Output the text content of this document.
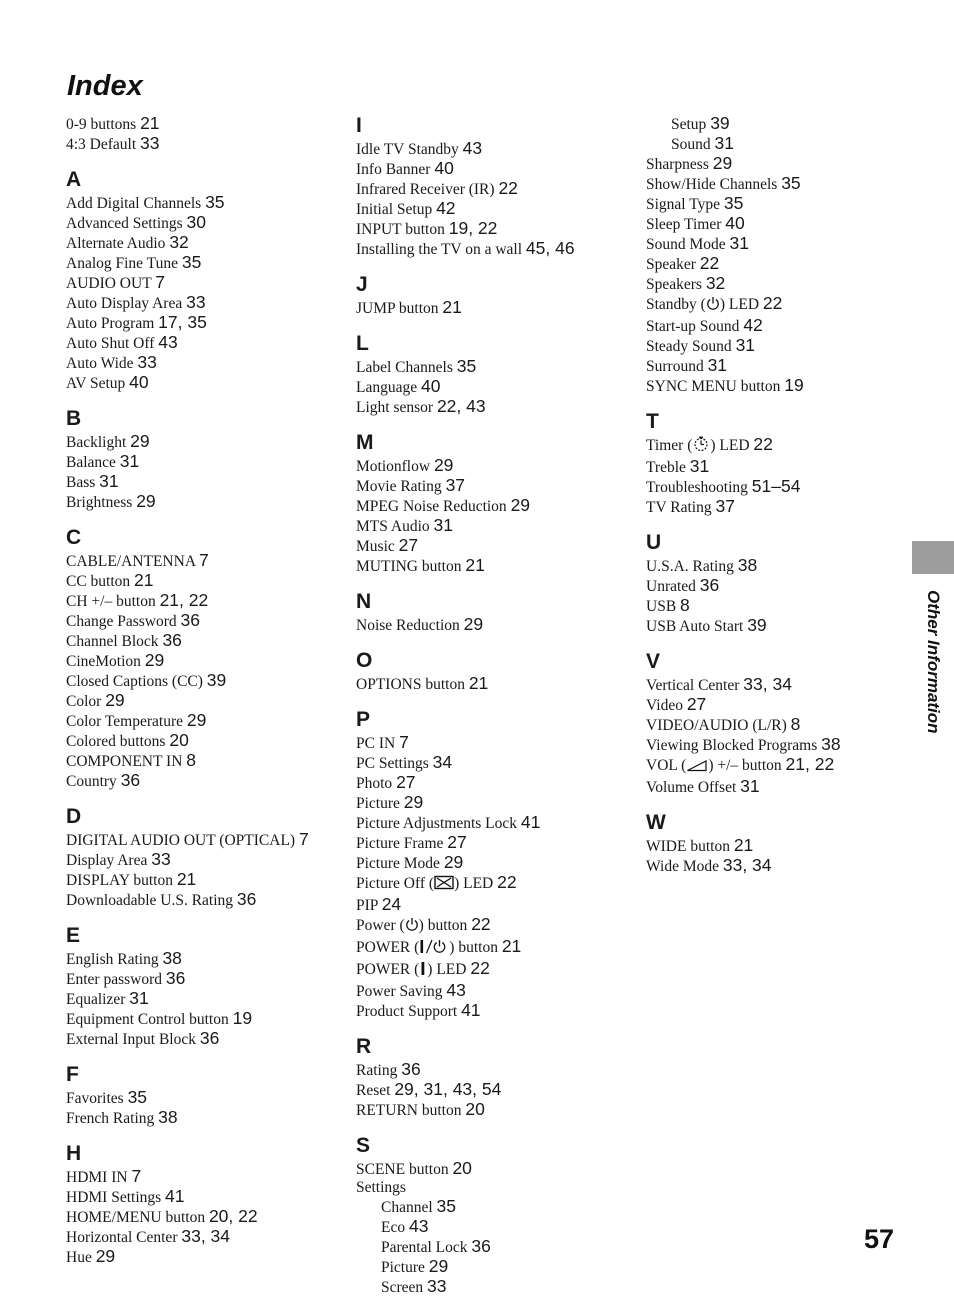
Index
0-9 buttons 21
4:3 Default 33
A
Add Digital Channels 35
Advanced Settings 30
Alternate Audio 32
Analog Fine Tune 35
AUDIO OUT 7
Auto Display Area 33
Auto Program 17, 35
Auto Shut Off 43
Auto Wide 33
AV Setup 40
B
Backlight 29
Balance 31
Bass 31
Brightness 29
C
CABLE/ANTENNA 7
CC button 21
CH +/– button 21, 22
Change Password 36
Channel Block 36
CineMotion 29
Closed Captions (CC) 39
Color 29
Color Temperature 29
Colored buttons 20
COMPONENT IN 8
Country 36
D
DIGITAL AUDIO OUT (OPTICAL) 7
Display Area 33
DISPLAY button 21
Downloadable U.S. Rating 36
E
English Rating 38
Enter password 36
Equalizer 31
Equipment Control button 19
External Input Block 36
F
Favorites 35
French Rating 38
H
HDMI IN 7
HDMI Settings 41
HOME/MENU button 20, 22
Horizontal Center 33, 34
Hue 29
I
Idle TV Standby 43
Info Banner 40
Infrared Receiver (IR) 22
Initial Setup 42
INPUT button 19, 22
Installing the TV on a wall 45, 46
J
JUMP button 21
L
Label Channels 35
Language 40
Light sensor 22, 43
M
Motionflow 29
Movie Rating 37
MPEG Noise Reduction 29
MTS Audio 31
Music 27
MUTING button 21
N
Noise Reduction 29
O
OPTIONS button 21
P
PC IN 7
PC Settings 34
Photo 27
Picture 29
Picture Adjustments Lock 41
Picture Frame 27
Picture Mode 29
Picture Off ( ) LED 22
PIP 24
Power ( ) button 22
POWER ( ) button 21
POWER ( ) LED 22
Power Saving 43
Product Support 41
R
Rating 36
Reset 29, 31, 43, 54
RETURN button 20
S
SCENE button 20
Settings
Channel 35
Eco 43
Parental Lock 36
Picture 29
Screen 33
Setup 39
Sound 31
Sharpness 29
Show/Hide Channels 35
Signal Type 35
Sleep Timer 40
Sound Mode 31
Speaker 22
Speakers 32
Standby ( ) LED 22
Start-up Sound 42
Steady Sound 31
Surround 31
SYNC MENU button 19
T
Timer ( ) LED 22
Treble 31
Troubleshooting 51–54
TV Rating 37
U
U.S.A. Rating 38
Unrated 36
USB 8
USB Auto Start 39
V
Vertical Center 33, 34
Video 27
VIDEO/AUDIO (L/R) 8
Viewing Blocked Programs 38
VOL ( ) +/– button 21, 22
Volume Offset 31
W
WIDE button 21
Wide Mode 33, 34
Other Information
57
